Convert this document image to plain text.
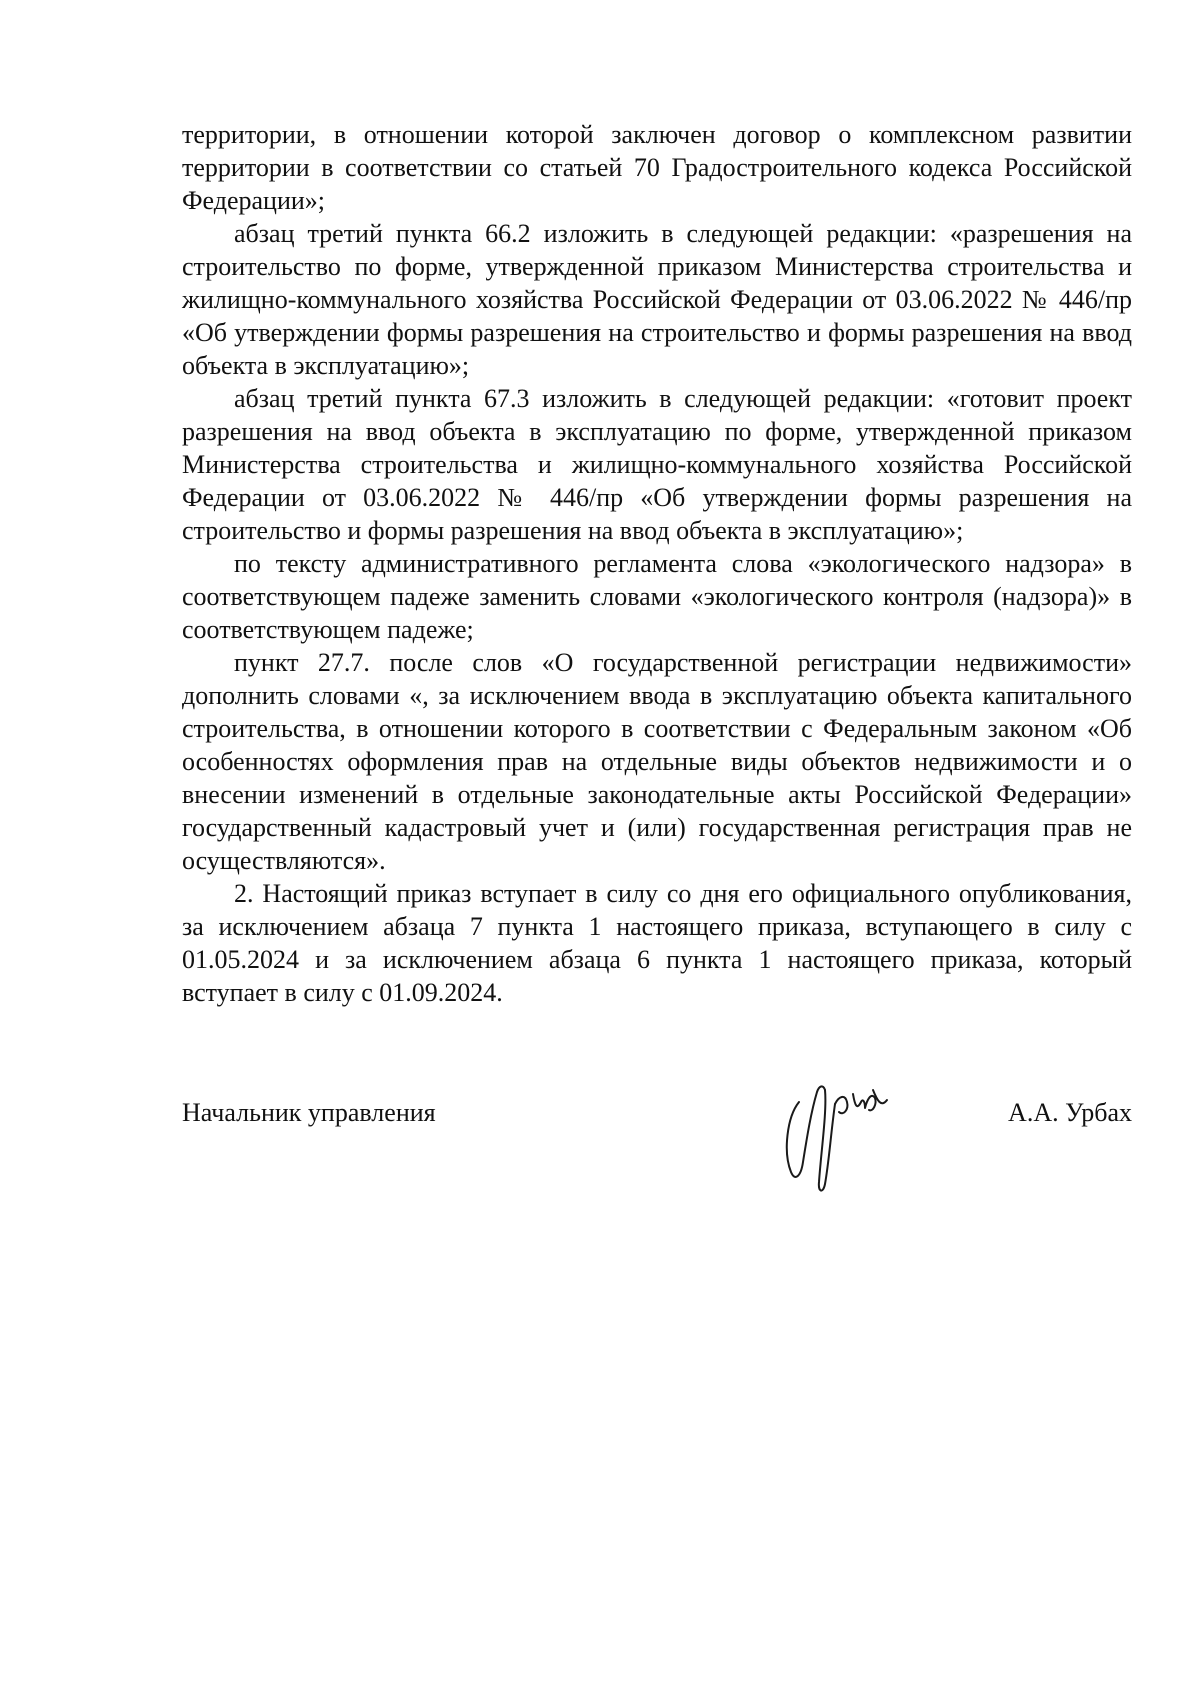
территории, в отношении которой заключен договор о комплексном развитии территории в соответствии со статьей 70 Градостроительного кодекса Российской Федерации»;

абзац третий пункта 66.2 изложить в следующей редакции: «разрешения на строительство по форме, утвержденной приказом Министерства строительства и жилищно-коммунального хозяйства Российской Федерации от 03.06.2022 № 446/пр «Об утверждении формы разрешения на строительство и формы разрешения на ввод объекта в эксплуатацию»;

абзац третий пункта 67.3 изложить в следующей редакции: «готовит проект разрешения на ввод объекта в эксплуатацию по форме, утвержденной приказом Министерства строительства и жилищно-коммунального хозяйства Российской Федерации от 03.06.2022 № 446/пр «Об утверждении формы разрешения на строительство и формы разрешения на ввод объекта в эксплуатацию»;

по тексту административного регламента слова «экологического надзора» в соответствующем падеже заменить словами «экологического контроля (надзора)» в соответствующем падеже;

пункт 27.7. после слов «О государственной регистрации недвижимости» дополнить словами «, за исключением ввода в эксплуатацию объекта капитального строительства, в отношении которого в соответствии с Федеральным законом «Об особенностях оформления прав на отдельные виды объектов недвижимости и о внесении изменений в отдельные законодательные акты Российской Федерации» государственный кадастровый учет и (или) государственная регистрация прав не осуществляются».

2. Настоящий приказ вступает в силу со дня его официального опубликования, за исключением абзаца 7 пункта 1 настоящего приказа, вступающего в силу с 01.05.2024 и за исключением абзаца 6 пункта 1 настоящего приказа, который вступает в силу с 01.09.2024.

Начальник управления	А.А. Урбах
